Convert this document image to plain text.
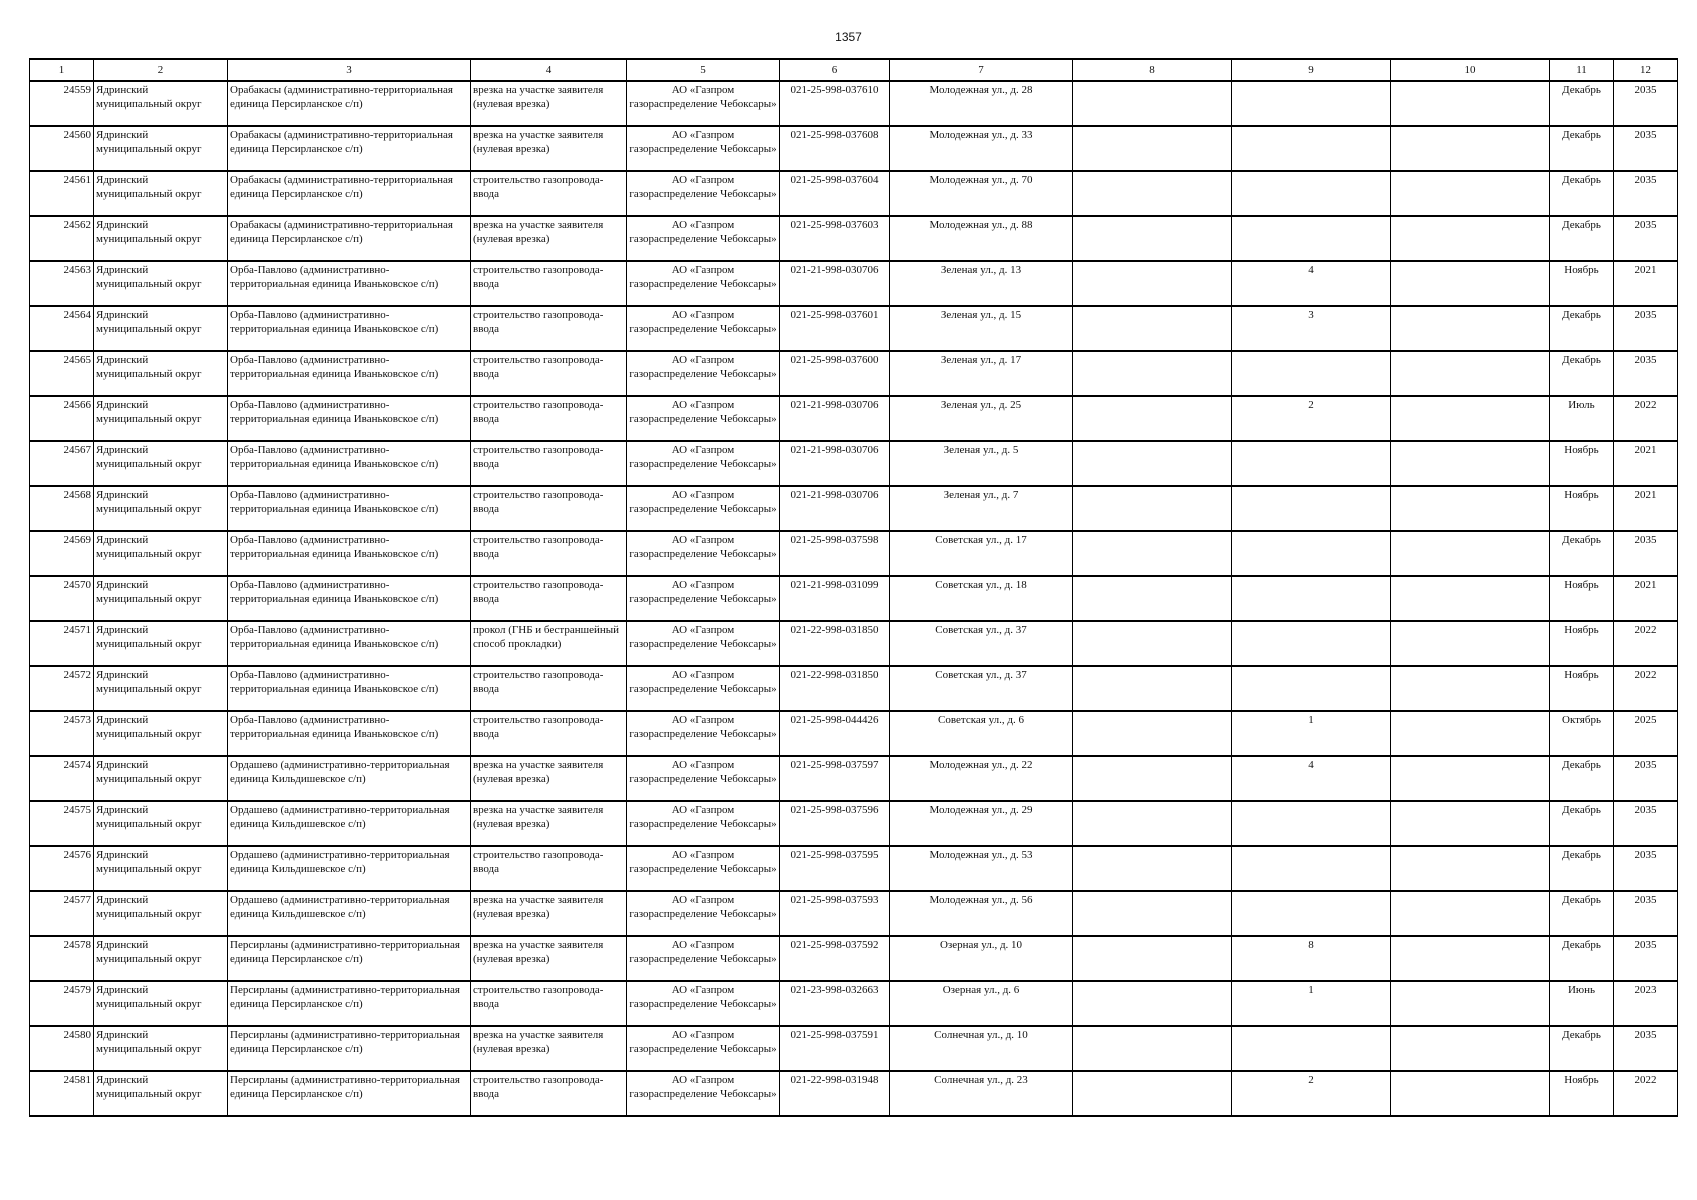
1357
1	2	3	4	5	6	7	8	9	10	11	12

24559	Ядринский муниципальный округ	Орабакасы (административно-территориальная единица Персирланское с/п)	врезка на участке заявителя (нулевая врезка)	АО «Газпром газораспределение Чебоксары»	021-25-998-037610	Молодежная ул., д. 28				Декабрь	2035

24560	Ядринский муниципальный округ	Орабакасы (административно-территориальная единица Персирланское с/п)	врезка на участке заявителя (нулевая врезка)	АО «Газпром газораспределение Чебоксары»	021-25-998-037608	Молодежная ул., д. 33				Декабрь	2035

24561	Ядринский муниципальный округ	Орабакасы (административно-территориальная единица Персирланское с/п)	строительство газопровода-ввода	АО «Газпром газораспределение Чебоксары»	021-25-998-037604	Молодежная ул., д. 70				Декабрь	2035

24562	Ядринский муниципальный округ	Орабакасы (административно-территориальная единица Персирланское с/п)	врезка на участке заявителя (нулевая врезка)	АО «Газпром газораспределение Чебоксары»	021-25-998-037603	Молодежная ул., д. 88				Декабрь	2035

24563	Ядринский муниципальный округ	Орба-Павлово (административно-территориальная единица Иваньковское с/п)	строительство газопровода-ввода	АО «Газпром газораспределение Чебоксары»	021-21-998-030706	Зеленая ул., д. 13		4		Ноябрь	2021

24564	Ядринский муниципальный округ	Орба-Павлово (административно-территориальная единица Иваньковское с/п)	строительство газопровода-ввода	АО «Газпром газораспределение Чебоксары»	021-25-998-037601	Зеленая ул., д. 15		3		Декабрь	2035

24565	Ядринский муниципальный округ	Орба-Павлово (административно-территориальная единица Иваньковское с/п)	строительство газопровода-ввода	АО «Газпром газораспределение Чебоксары»	021-25-998-037600	Зеленая ул., д. 17				Декабрь	2035

24566	Ядринский муниципальный округ	Орба-Павлово (административно-территориальная единица Иваньковское с/п)	строительство газопровода-ввода	АО «Газпром газораспределение Чебоксары»	021-21-998-030706	Зеленая ул., д. 25		2		Июль	2022

24567	Ядринский муниципальный округ	Орба-Павлово (административно-территориальная единица Иваньковское с/п)	строительство газопровода-ввода	АО «Газпром газораспределение Чебоксары»	021-21-998-030706	Зеленая ул., д. 5				Ноябрь	2021

24568	Ядринский муниципальный округ	Орба-Павлово (административно-территориальная единица Иваньковское с/п)	строительство газопровода-ввода	АО «Газпром газораспределение Чебоксары»	021-21-998-030706	Зеленая ул., д. 7				Ноябрь	2021

24569	Ядринский муниципальный округ	Орба-Павлово (административно-территориальная единица Иваньковское с/п)	строительство газопровода-ввода	АО «Газпром газораспределение Чебоксары»	021-25-998-037598	Советская ул., д. 17				Декабрь	2035

24570	Ядринский муниципальный округ	Орба-Павлово (административно-территориальная единица Иваньковское с/п)	строительство газопровода-ввода	АО «Газпром газораспределение Чебоксары»	021-21-998-031099	Советская ул., д. 18				Ноябрь	2021

24571	Ядринский муниципальный округ	Орба-Павлово (административно-территориальная единица Иваньковское с/п)	прокол (ГНБ и бестраншейный способ прокладки)	АО «Газпром газораспределение Чебоксары»	021-22-998-031850	Советская ул., д. 37				Ноябрь	2022

24572	Ядринский муниципальный округ	Орба-Павлово (административно-территориальная единица Иваньковское с/п)	строительство газопровода-ввода	АО «Газпром газораспределение Чебоксары»	021-22-998-031850	Советская ул., д. 37				Ноябрь	2022

24573	Ядринский муниципальный округ	Орба-Павлово (административно-территориальная единица Иваньковское с/п)	строительство газопровода-ввода	АО «Газпром газораспределение Чебоксары»	021-25-998-044426	Советская ул., д. 6		1		Октябрь	2025

24574	Ядринский муниципальный округ	Ордашево (административно-территориальная единица Кильдишевское с/п)	врезка на участке заявителя (нулевая врезка)	АО «Газпром газораспределение Чебоксары»	021-25-998-037597	Молодежная ул., д. 22		4		Декабрь	2035

24575	Ядринский муниципальный округ	Ордашево (административно-территориальная единица Кильдишевское с/п)	врезка на участке заявителя (нулевая врезка)	АО «Газпром газораспределение Чебоксары»	021-25-998-037596	Молодежная ул., д. 29				Декабрь	2035

24576	Ядринский муниципальный округ	Ордашево (административно-территориальная единица Кильдишевское с/п)	строительство газопровода-ввода	АО «Газпром газораспределение Чебоксары»	021-25-998-037595	Молодежная ул., д. 53				Декабрь	2035

24577	Ядринский муниципальный округ	Ордашево (административно-территориальная единица Кильдишевское с/п)	врезка на участке заявителя (нулевая врезка)	АО «Газпром газораспределение Чебоксары»	021-25-998-037593	Молодежная ул., д. 56				Декабрь	2035

24578	Ядринский муниципальный округ	Персирланы (административно-территориальная единица Персирланское с/п)	врезка на участке заявителя (нулевая врезка)	АО «Газпром газораспределение Чебоксары»	021-25-998-037592	Озерная ул., д. 10		8		Декабрь	2035

24579	Ядринский муниципальный округ	Персирланы (административно-территориальная единица Персирланское с/п)	строительство газопровода-ввода	АО «Газпром газораспределение Чебоксары»	021-23-998-032663	Озерная ул., д. 6		1		Июнь	2023

24580	Ядринский муниципальный округ	Персирланы (административно-территориальная единица Персирланское с/п)	врезка на участке заявителя (нулевая врезка)	АО «Газпром газораспределение Чебоксары»	021-25-998-037591	Солнечная ул., д. 10				Декабрь	2035

24581	Ядринский муниципальный округ	Персирланы (административно-территориальная единица Персирланское с/п)	строительство газопровода-ввода	АО «Газпром газораспределение Чебоксары»	021-22-998-031948	Солнечная ул., д. 23		2		Ноябрь	2022
